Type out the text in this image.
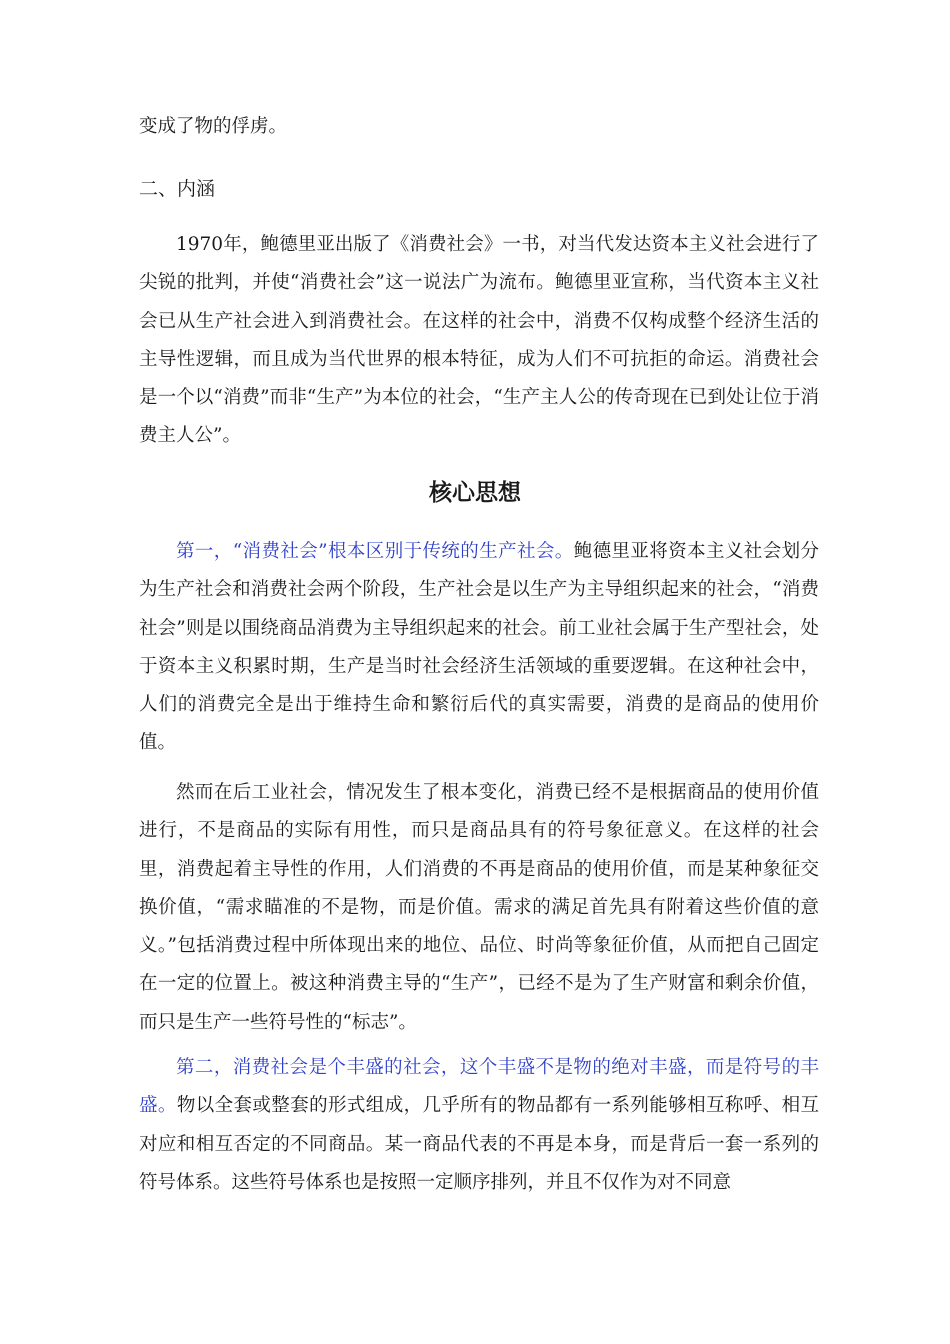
变成了物的俘虏。

二、内涵

1970年，鲍德里亚出版了《消费社会》一书，对当代发达资本主义社会进行了尖锐的批判，并使“消费社会”这一说法广为流布。鲍德里亚宣称，当代资本主义社会已从生产社会进入到消费社会。在这样的社会中，消费不仅构成整个经济生活的主导性逻辑，而且成为当代世界的根本特征，成为人们不可抗拒的命运。消费社会是一个以“消费”而非“生产”为本位的社会，“生产主人公的传奇现在已到处让位于消费主人公”。

核心思想

第一，“消费社会”根本区别于传统的生产社会。鲍德里亚将资本主义社会划分为生产社会和消费社会两个阶段，生产社会是以生产为主导组织起来的社会，“消费社会”则是以围绕商品消费为主导组织起来的社会。前工业社会属于生产型社会，处于资本主义积累时期，生产是当时社会经济生活领域的重要逻辑。在这种社会中，人们的消费完全是出于维持生命和繁衍后代的真实需要，消费的是商品的使用价值。

然而在后工业社会，情况发生了根本变化，消费已经不是根据商品的使用价值进行，不是商品的实际有用性，而只是商品具有的符号象征意义。在这样的社会里，消费起着主导性的作用，人们消费的不再是商品的使用价值，而是某种象征交换价值，“需求瞄准的不是物，而是价值。需求的满足首先具有附着这些价值的意义。”包括消费过程中所体现出来的地位、品位、时尚等象征价值，从而把自己固定在一定的位置上。被这种消费主导的“生产”，已经不是为了生产财富和剩余价值，而只是生产一些符号性的“标志”。

第二，消费社会是个丰盛的社会，这个丰盛不是物的绝对丰盛，而是符号的丰盛。物以全套或整套的形式组成，几乎所有的物品都有一系列能够相互称呼、相互对应和相互否定的不同商品。某一商品代表的不再是本身，而是背后一套一系列的符号体系。这些符号体系也是按照一定顺序排列，并且不仅作为对不同意
